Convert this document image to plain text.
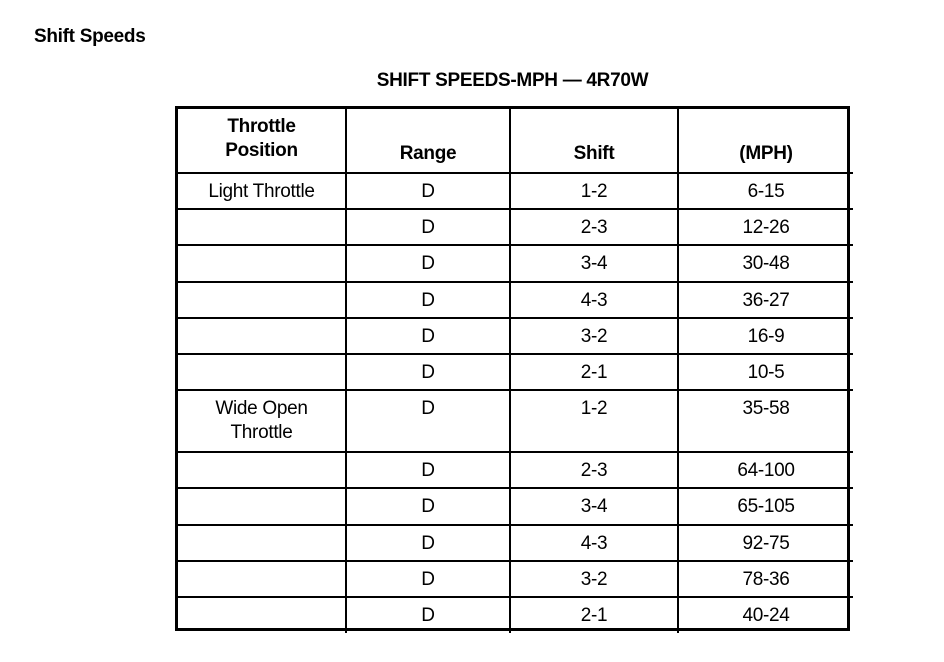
Shift Speeds
SHIFT SPEEDS-MPH — 4R70W
Throttle
Position	Range	Shift	(MPH)
Light Throttle	D	1-2	6-15
	D	2-3	12-26
	D	3-4	30-48
	D	4-3	36-27
	D	3-2	16-9
	D	2-1	10-5
Wide Open
Throttle	D	1-2	35-58
	D	2-3	64-100
	D	3-4	65-105
	D	4-3	92-75
	D	3-2	78-36
	D	2-1	40-24
